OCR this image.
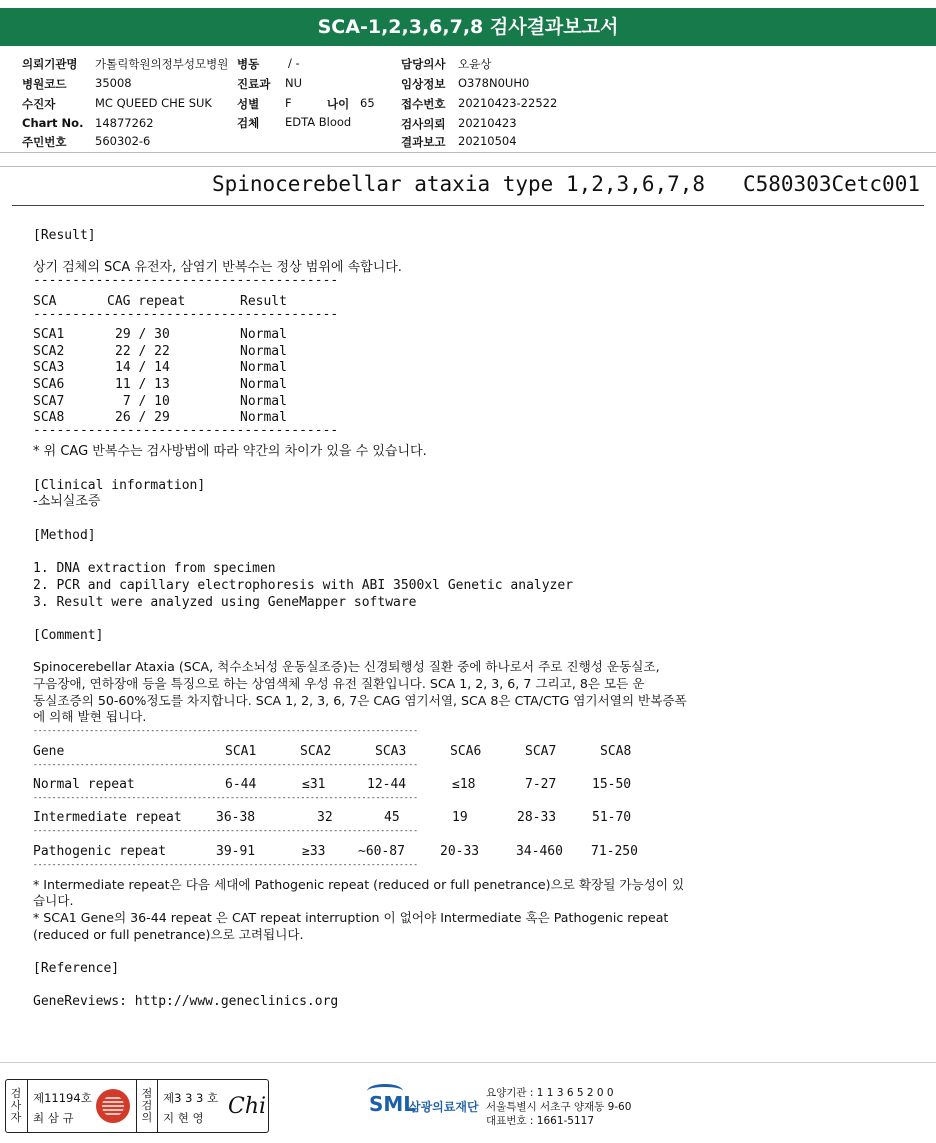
SCA-1,2,3,6,7,8 검사결과보고서
의뢰기관명 가톨릭학원의정부성모병원
병원코드 35008
수진자	MC QUEED CHE SUK
Chart No. 14877262
주민번호 560302-6
병동	/ -
진료과 NU
성별 F	나이 65
검체 EDTA Blood
담당의사 오윤상
임상정보 O378N0UH0
접수번호 20210423-22522
검사의뢰 20210423
결과보고 20210504
Spinocerebellar ataxia type 1,2,3,6,7,8 C580303Cetc001
[Result]
상기 검체의 SCA 유전자, 삼염기 반복수는 정상 범위에 속합니다.
---------------------------------------
SCA	CAG repeat	Result
---------------------------------------
SCA1	29 / 30	Normal
SCA2	22 / 22	Normal
SCA3	14 / 14	Normal
SCA6	11 / 13	Normal
SCA7	7 / 10	Normal
SCA8	26 / 29	Normal
---------------------------------------
* 위 CAG 반복수는 검사방법에 따라 약간의 차이가 있을 수 있습니다.
[Clinical information]
-소뇌실조증
[Method]
1. DNA extraction from specimen
2. PCR and capillary electrophoresis with ABI 3500xl Genetic analyzer
3. Result were analyzed using GeneMapper software
[Comment]
Spinocerebellar Ataxia (SCA, 척수소뇌성 운동실조증)는 신경퇴행성 질환 중에 하나로서 주로 진행성 운동실조,
구음장애, 연하장애 등을 특징으로 하는 상염색체 우성 유전 질환입니다. SCA 1, 2, 3, 6, 7 그리고, 8은 모든 운
동실조증의 50-60%정도를 차지합니다. SCA 1, 2, 3, 6, 7은 CAG 염기서열, SCA 8은 CTA/CTG 염기서열의 반복증폭
에 의해 발현 됩니다.
----------------------------------------------------------------------------------
Gene	SCA1	SCA2	SCA3	SCA6	SCA7	SCA8
----------------------------------------------------------------------------------
Normal repeat	6-44	≤31	12-44	≤18	7-27	15-50
----------------------------------------------------------------------------------
Intermediate repeat	36-38	32	45	19	28-33	51-70
----------------------------------------------------------------------------------
Pathogenic repeat	39-91	≥33	~60-87	20-33	34-460 71-250
----------------------------------------------------------------------------------
* Intermediate repeat은 다음 세대에 Pathogenic repeat (reduced or full penetrance)으로 확장될 가능성이 있
습니다.
* SCA1 Gene의 36-44 repeat 은 CAT repeat interruption 이 없어야 Intermediate 혹은 Pathogenic repeat
(reduced or full penetrance)으로 고려됩니다.
[Reference]
GeneReviews: http://www.geneclinics.org
검사자
제11194호
최 삼 규
점검의
제3 3 3 호
지 현 영 Chi	SML
삼광의료재단
요양기관 : 1 1 3 6 5 2 0 0
서울특별시 서초구 양재동 9-60
대표번호 : 1661-5117
